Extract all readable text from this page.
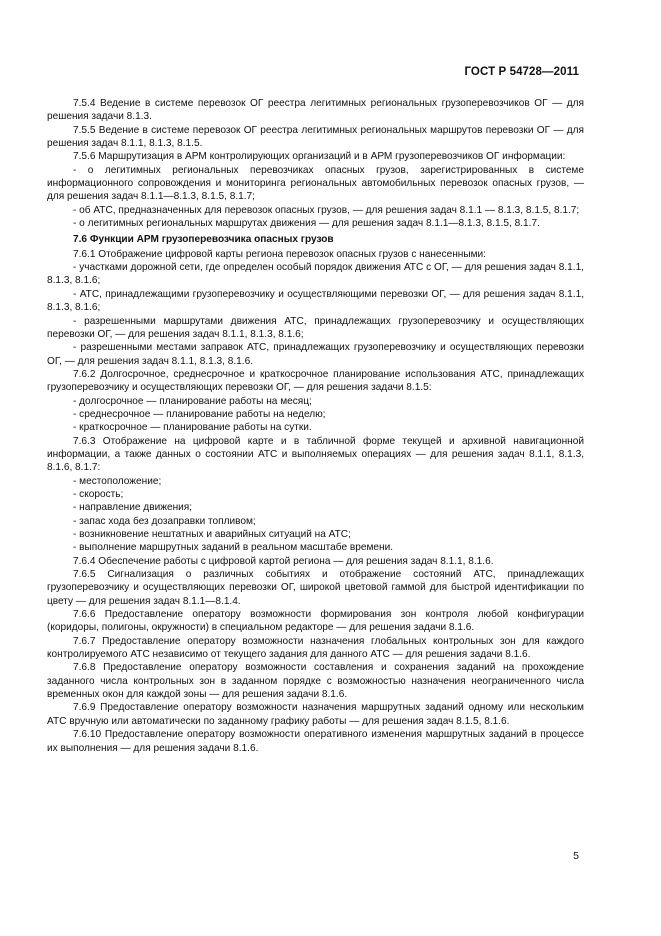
ГОСТ Р 54728—2011

7.5.4 Ведение в системе перевозок ОГ реестра легитимных региональных грузоперевозчиков ОГ — для решения задачи 8.1.3.

7.5.5 Ведение в системе перевозок ОГ реестра легитимных региональных маршрутов перевозки ОГ — для решения задач 8.1.1, 8.1.3, 8.1.5.

7.5.6 Маршрутизация в АРМ контролирующих организаций и в АРМ грузоперевозчиков ОГ информации:

- о легитимных региональных перевозчиках опасных грузов, зарегистрированных в системе информационного сопровождения и мониторинга региональных автомобильных перевозок опасных грузов, — для решения задач 8.1.1—8.1.3, 8.1.5, 8.1.7;

- об АТС, предназначенных для перевозок опасных грузов, — для решения задач 8.1.1 — 8.1.3, 8.1.5, 8.1.7;

- о легитимных региональных маршрутах движения — для решения задач 8.1.1—8.1.3, 8.1.5, 8.1.7.

7.6 Функции АРМ грузоперевозчика опасных грузов

7.6.1 Отображение цифровой карты региона перевозок опасных грузов с нанесенными:

- участками дорожной сети, где определен особый порядок движения АТС с ОГ, — для решения задач 8.1.1, 8.1.3, 8.1.6;

- АТС, принадлежащими грузоперевозчику и осуществляющими перевозки ОГ, — для решения задач 8.1.1, 8.1.3, 8.1.6;

- разрешенными маршрутами движения АТС, принадлежащих грузоперевозчику и осуществляющих перевозки ОГ, — для решения задач 8.1.1, 8.1.3, 8.1.6;

- разрешенными местами заправок АТС, принадлежащих грузоперевозчику и осуществляющих перевозки ОГ, — для решения задач 8.1.1, 8.1.3, 8.1.6.

7.6.2 Долгосрочное, среднесрочное и краткосрочное планирование использования АТС, принадлежащих грузоперевозчику и осуществляющих перевозки ОГ, — для решения задачи 8.1.5:

- долгосрочное — планирование работы на месяц;

- среднесрочное — планирование работы на неделю;

- краткосрочное — планирование работы на сутки.

7.6.3 Отображение на цифровой карте и в табличной форме текущей и архивной навигационной информации, а также данных о состоянии АТС и выполняемых операциях — для решения задач 8.1.1, 8.1.3, 8.1.6, 8.1.7:

- местоположение;

- скорость;

- направление движения;

- запас хода без дозаправки топливом;

- возникновение нештатных и аварийных ситуаций на АТС;

- выполнение маршрутных заданий в реальном масштабе времени.

7.6.4 Обеспечение работы с цифровой картой региона — для решения задач 8.1.1, 8.1.6.

7.6.5 Сигнализация о различных событиях и отображение состояний АТС, принадлежащих грузоперевозчику и осуществляющих перевозки ОГ, широкой цветовой гаммой для быстрой идентификации по цвету — для решения задач 8.1.1—8.1.4.

7.6.6 Предоставление оператору возможности формирования зон контроля любой конфигурации (коридоры, полигоны, окружности) в специальном редакторе — для решения задачи 8.1.6.

7.6.7 Предоставление оператору возможности назначения глобальных контрольных зон для каждого контролируемого АТС независимо от текущего задания для данного АТС — для решения задачи 8.1.6.

7.6.8 Предоставление оператору возможности составления и сохранения заданий на прохождение заданного числа контрольных зон в заданном порядке с возможностью назначения неограниченного числа временных окон для каждой зоны — для решения задачи 8.1.6.

7.6.9 Предоставление оператору возможности назначения маршрутных заданий одному или нескольким АТС вручную или автоматически по заданному графику работы — для решения задач 8.1.5, 8.1.6.

7.6.10 Предоставление оператору возможности оперативного изменения маршрутных заданий в процессе их выполнения — для решения задачи 8.1.6.

5
